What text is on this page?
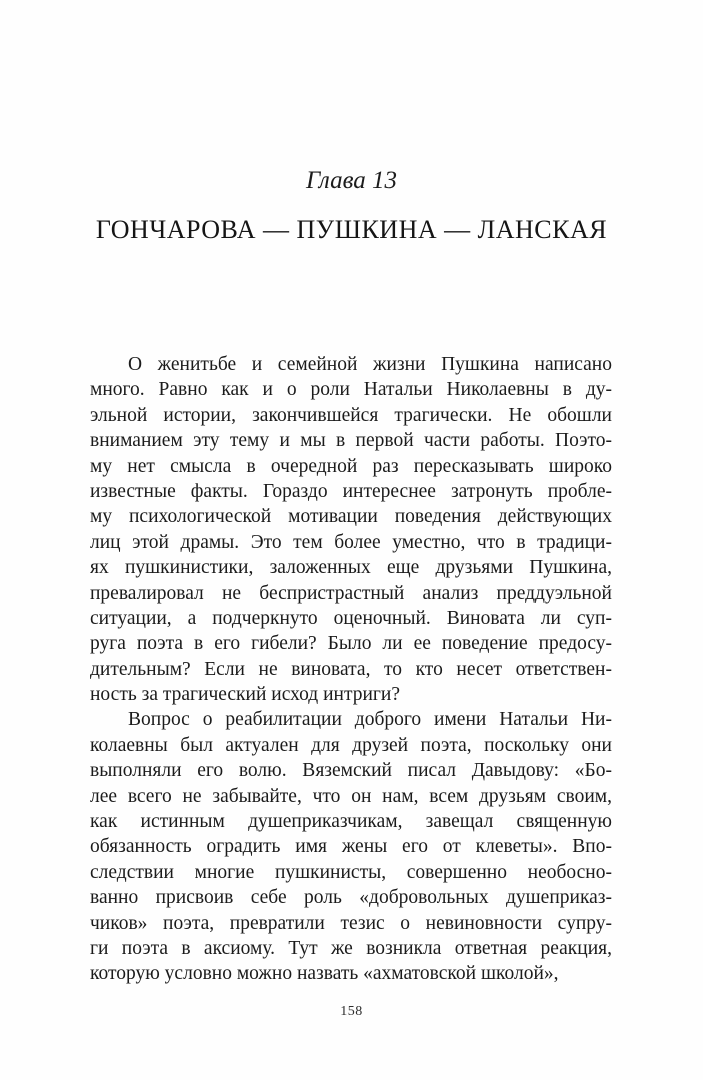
Глава 13
ГОНЧАРОВА — ПУШКИНА — ЛАНСКАЯ
О женитьбе и семейной жизни Пушкина написано
много. Равно как и о роли Натальи Николаевны в ду-
эльной истории, закончившейся трагически. Не обошли
вниманием эту тему и мы в первой части работы. Поэто-
му нет смысла в очередной раз пересказывать широко
известные факты. Гораздо интереснее затронуть пробле-
му психологической мотивации поведения действующих
лиц этой драмы. Это тем более уместно, что в традици-
ях пушкинистики, заложенных еще друзьями Пушкина,
превалировал не беспристрастный анализ преддуэльной
ситуации, а подчеркнуто оценочный. Виновата ли суп-
руга поэта в его гибели? Было ли ее поведение предосу-
дительным? Если не виновата, то кто несет ответствен-
ность за трагический исход интриги?
Вопрос о реабилитации доброго имени Натальи Ни-
колаевны был актуален для друзей поэта, поскольку они
выполняли его волю. Вяземский писал Давыдову: «Бо-
лее всего не забывайте, что он нам, всем друзьям своим,
как истинным душеприказчикам, завещал священную
обязанность оградить имя жены его от клеветы». Впо-
следствии многие пушкинисты, совершенно необосно-
ванно присвоив себе роль «добровольных душеприказ-
чиков» поэта, превратили тезис о невиновности супру-
ги поэта в аксиому. Тут же возникла ответная реакция,
которую условно можно назвать «ахматовской школой»,
158
